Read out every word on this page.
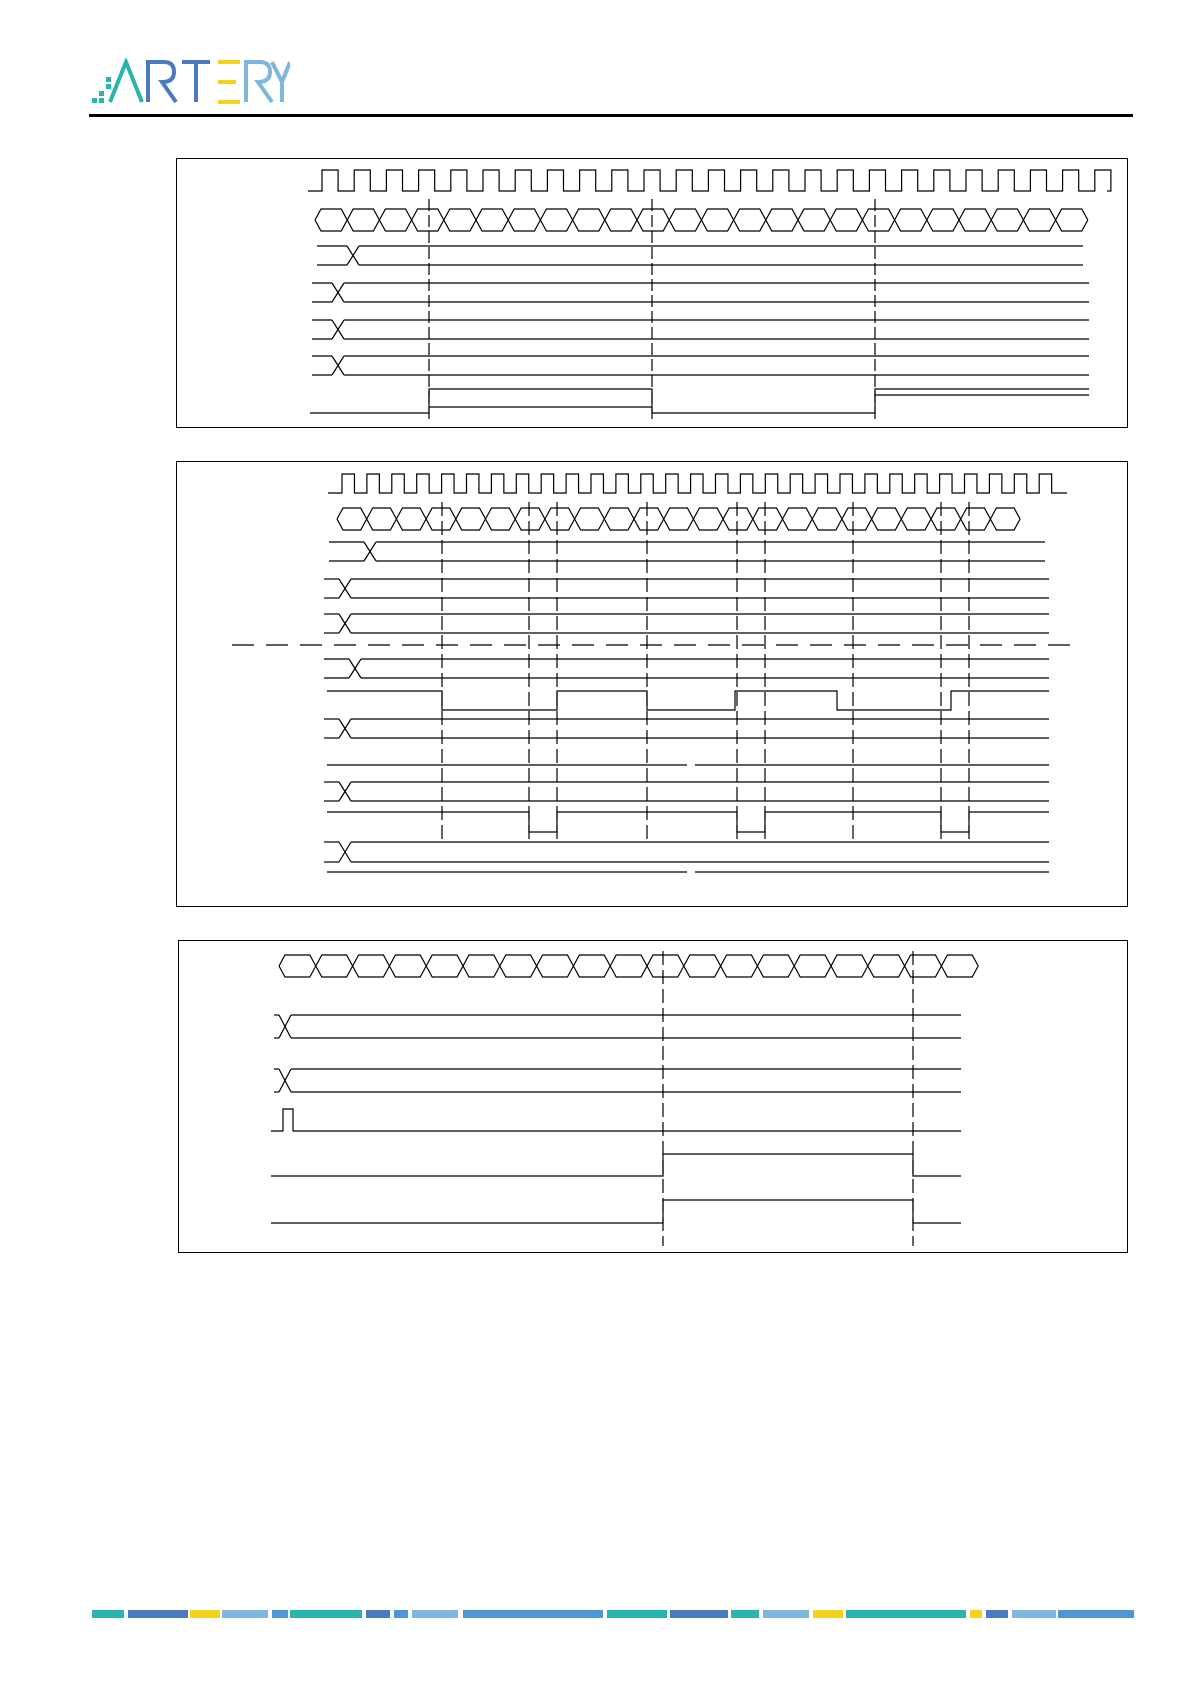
ARTERY
